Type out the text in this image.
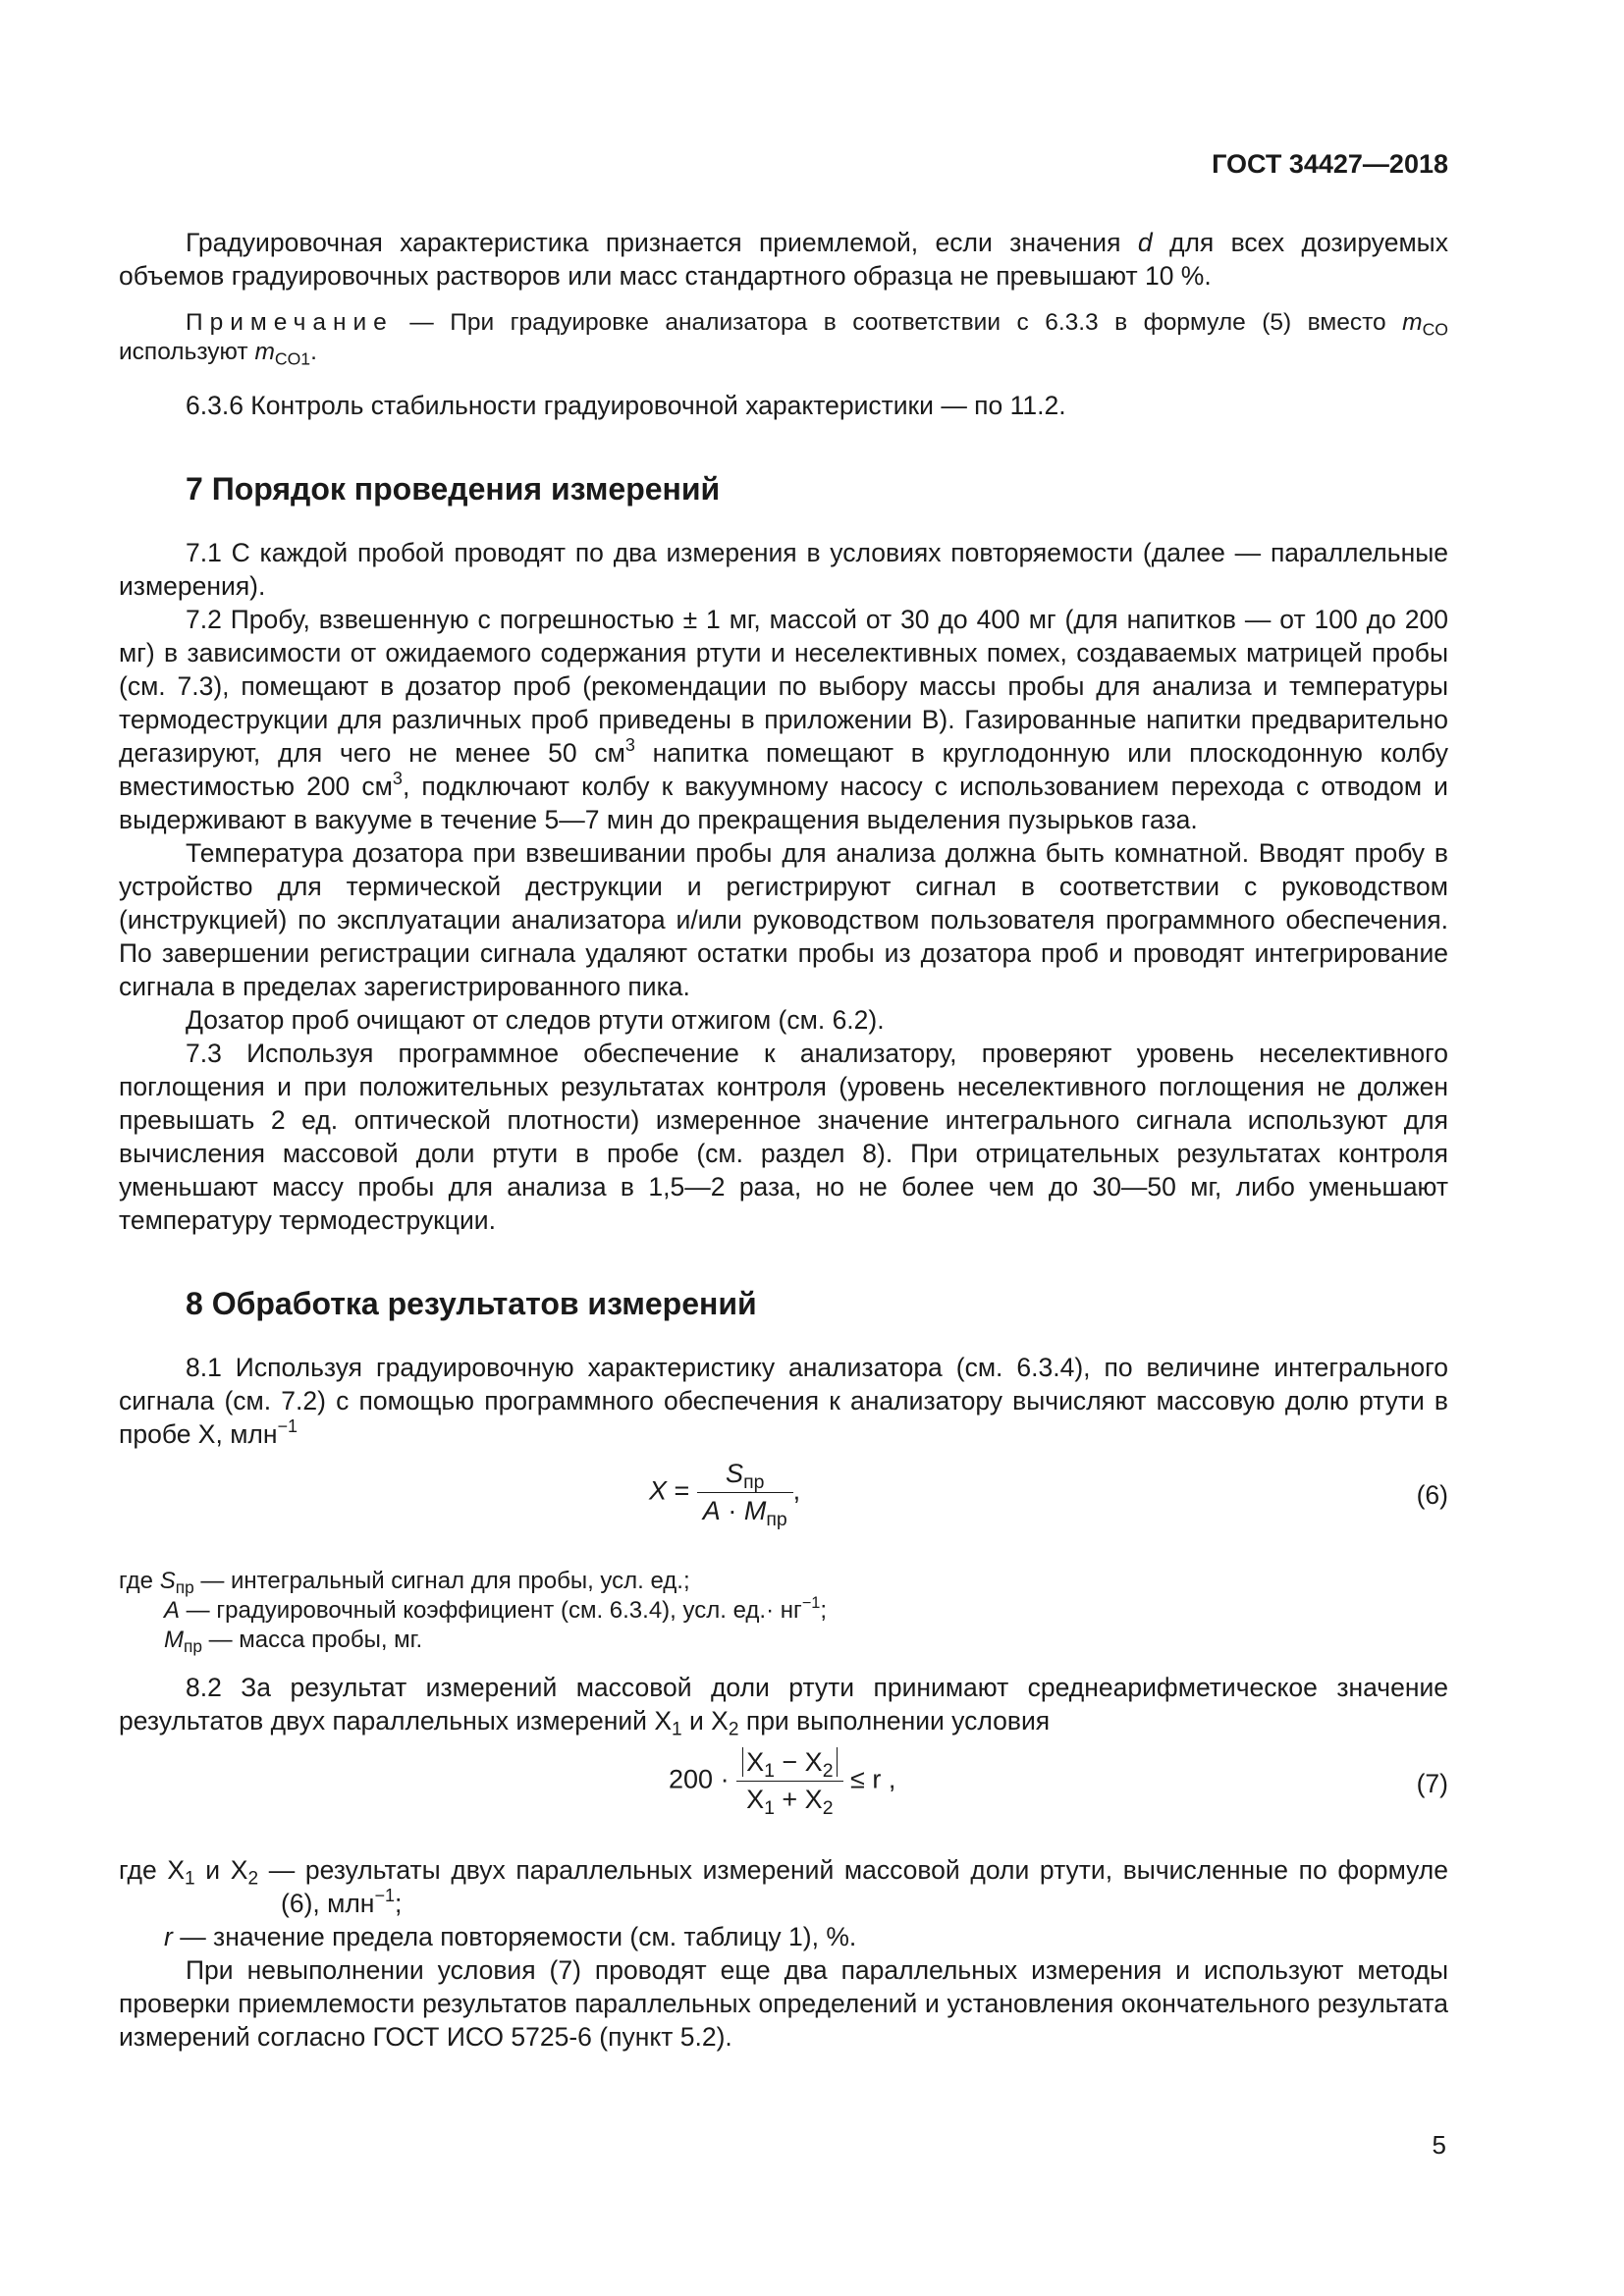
ГОСТ 34427—2018

Градуировочная характеристика признается приемлемой, если значения d для всех дозируемых объемов градуировочных растворов или масс стандартного образца не превышают 10 %.

Примечание — При градуировке анализатора в соответствии с 6.3.3 в формуле (5) вместо $m_{CO}$ используют $m_{CO1}$.

6.3.6 Контроль стабильности градуировочной характеристики — по 11.2.

7 Порядок проведения измерений

7.1 С каждой пробой проводят по два измерения в условиях повторяемости (далее — параллельные измерения).

7.2 Пробу, взвешенную с погрешностью ± 1 мг, массой от 30 до 400 мг (для напитков — от 100 до 200 мг) в зависимости от ожидаемого содержания ртути и неселективных помех, создаваемых матрицей пробы (см. 7.3), помещают в дозатор проб (рекомендации по выбору массы пробы для анализа и температуры термодеструкции для различных проб приведены в приложении В). Газированные напитки предварительно дегазируют, для чего не менее 50 $см^3$ напитка помещают в круглодонную или плоскодонную колбу вместимостью 200 $см^3$, подключают колбу к вакуумному насосу с использованием перехода с отводом и выдерживают в вакууме в течение 5—7 мин до прекращения выделения пузырьков газа.

Температура дозатора при взвешивании пробы для анализа должна быть комнатной. Вводят пробу в устройство для термической деструкции и регистрируют сигнал в соответствии с руководством (инструкцией) по эксплуатации анализатора и/или руководством пользователя программного обеспечения. По завершении регистрации сигнала удаляют остатки пробы из дозатора проб и проводят интегрирование сигнала в пределах зарегистрированного пика.

Дозатор проб очищают от следов ртути отжигом (см. 6.2).

7.3 Используя программное обеспечение к анализатору, проверяют уровень неселективного поглощения и при положительных результатах контроля (уровень неселективного поглощения не должен превышать 2 ед. оптической плотности) измеренное значение интегрального сигнала используют для вычисления массовой доли ртути в пробе (см. раздел 8). При отрицательных результатах контроля уменьшают массу пробы для анализа в 1,5—2 раза, но не более чем до 30—50 мг, либо уменьшают температуру термодеструкции.

8 Обработка результатов измерений

8.1 Используя градуировочную характеристику анализатора (см. 6.3.4), по величине интегрального сигнала (см. 7.2) с помощью программного обеспечения к анализатору вычисляют массовую долю ртути в пробе X, млн$^{-1}$

$X = \frac{S_{пр}}{A \cdot M_{пр}}$ ,	(6)
где $S_{пр}$ — интегральный сигнал для пробы, усл. ед.;
A — градуировочный коэффициент (см. 6.3.4), усл. $ед.\cdot нг^{-1}$;
$M_{пр}$ — масса пробы, мг.

8.2 За результат измерений массовой доли ртути принимают среднеарифметическое значение результатов двух параллельных измерений $X_1$ и $X_2$ при выполнении условия

$200 \cdot \frac{X_1 - X_2}{X_1 + X_2} \le r$ ,	(7)

где $X_1$ и $X_2$ — результаты двух параллельных измерений массовой доли ртути, вычисленные по формуле (6), млн$^{-1}$;

r — значение предела повторяемости (см. таблицу 1), %.

При невыполнении условия (7) проводят еще два параллельных измерения и используют методы проверки приемлемости результатов параллельных определений и установления окончательного результата измерений согласно ГОСТ ИСО 5725-6 (пункт 5.2).

5
